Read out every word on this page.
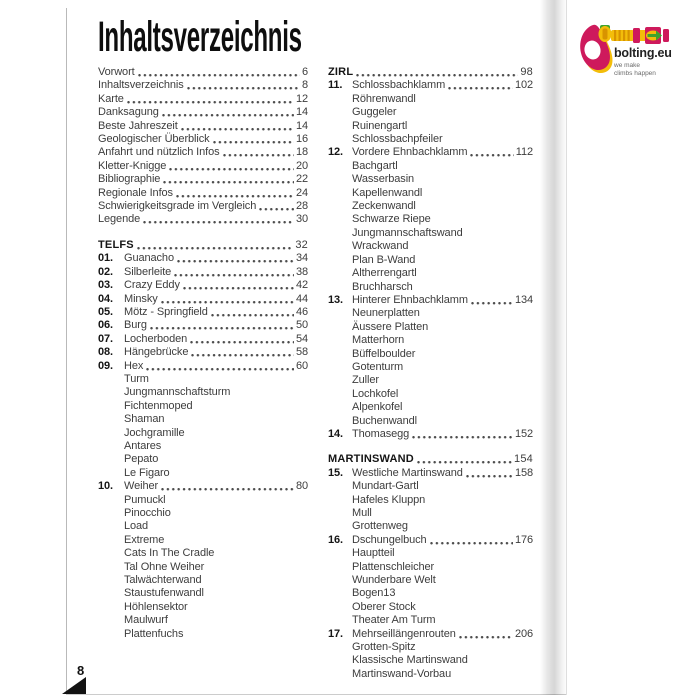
Inhaltsverzeichnis
Vorwort	6
Inhaltsverzeichnis	8
Karte	12
Danksagung	14
Beste Jahreszeit	14
Geologischer Überblick	16
Anfahrt und nützlich Infos	18
Kletter-Knigge	20
Bibliographie	22
Regionale Infos	24
Schwierigkeitsgrade im Vergleich	28
Legende	30
TELFS	32
01.	Guanacho	34
02.	Silberleite	38
03.	Crazy Eddy	42
04.	Minsky	44
05.	Mötz - Springfield	46
06.	Burg	50
07.	Locherboden	54
08.	Hängebrücke	58
09.	Hex	60
Turm
Jungmannschaftsturm
Fichtenmoped
Shaman
Jochgramille
Antares
Pepato
Le Figaro
10.	Weiher	80
Pumuckl
Pinocchio
Load
Extreme
Cats In The Cradle
Tal Ohne Weiher
Talwächterwand
Staustufenwandl
Höhlensektor
Maulwurf
Plattenfuchs
ZIRL	98
11. Schlossbachklamm	102
Röhrenwandl
Guggeler
Ruinengartl
Schlossbachpfeiler
12. Vordere Ehnbachklamm	112
Bachgartl
Wasserbasin
Kapellenwandl
Zeckenwandl
Schwarze Riepe
Jungmannschaftswand
Wrackwand
Plan B-Wand
Altherrengartl
Bruchharsch
13. Hinterer Ehnbachklamm	134
Neunerplatten
Äussere Platten
Matterhorn
Büffelboulder
Gotenturm
Zuller
Lochkofel
Alpenkofel
Buchenwandl
14. Thomasegg	152
MARTINSWAND	154
15. Westliche Martinswand	158
Mundart-Gartl
Hafeles Kluppn
Mull
Grottenweg
16. Dschungelbuch	176
Hauptteil
Plattenschleicher
Wunderbare Welt
Bogen13
Oberer Stock
Theater Am Turm
17. Mehrseillängenrouten	206
Grotten-Spitz
Klassische Martinswand
Martinswand-Vorbau
8
bolting.eu
we make
climbs happen
